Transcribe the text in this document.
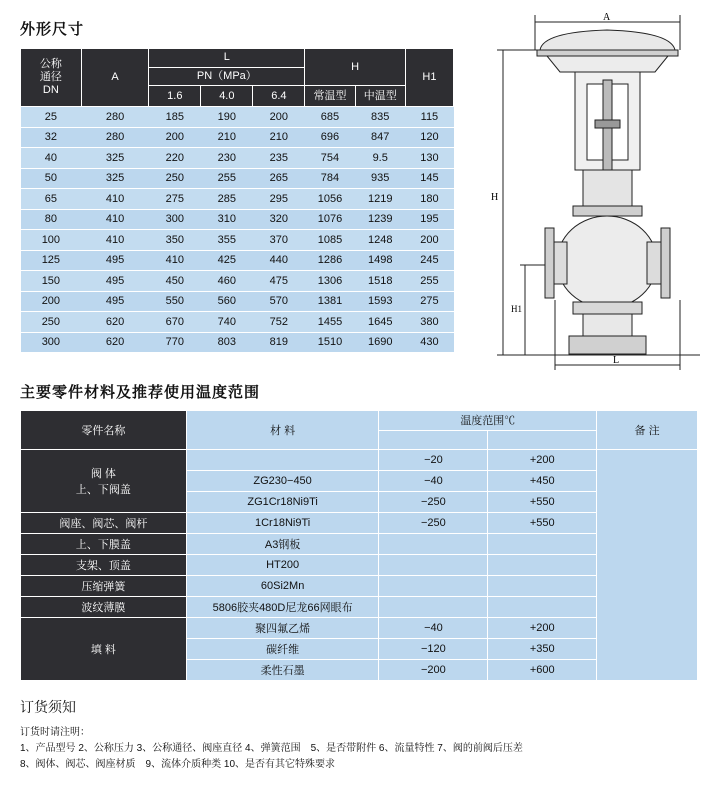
外形尺寸
公称
通径
DN	A	L			H		H1
		PN（MPa）					
		1.6	4.0	6.4	常温型	中温型	
25	280	185	190	200	685	835	115
32	280	200	210	210	696	847	120
40	325	220	230	235	754	9.5	130
50	325	250	255	265	784	935	145
65	410	275	285	295	1056	1219	180
80	410	300	310	320	1076	1239	195
100	410	350	355	370	1085	1248	200
125	495	410	425	440	1286	1498	245
150	495	450	460	475	1306	1518	255
200	495	550	560	570	1381	1593	275
250	620	670	740	752	1455	1645	380
300	620	770	803	819	1510	1690	430
A
H
H1
L
主要零件材料及推荐使用温度范围
零件名称	材 料	温度范围℃		备 注

阀 体
上、下阀盖		−20	+200	
	ZG230−450	−40	+450	
	ZG1Cr18Ni9Ti	−250	+550	
阀座、阀芯、阀杆	1Cr18Ni9Ti	−250	+550	
上、下膜盖	A3钢板			
支架、顶盖	HT200			
压缩弹簧	60Si2Mn			
波纹薄膜	5806胶夹480D尼龙66网眼布			
填 料	聚四氟乙烯	−40	+200	
	碳纤维	−120	+350	
	柔性石墨	−200	+600	
订货须知
订货时请注明：
1、产品型号 2、公称压力 3、公称通径、阀座直径 4、弹簧范围　5、是否带附件 6、流量特性 7、阀的前阀后压差
8、阀体、阀芯、阀座材质　9、流体介质种类 10、是否有其它特殊要求
